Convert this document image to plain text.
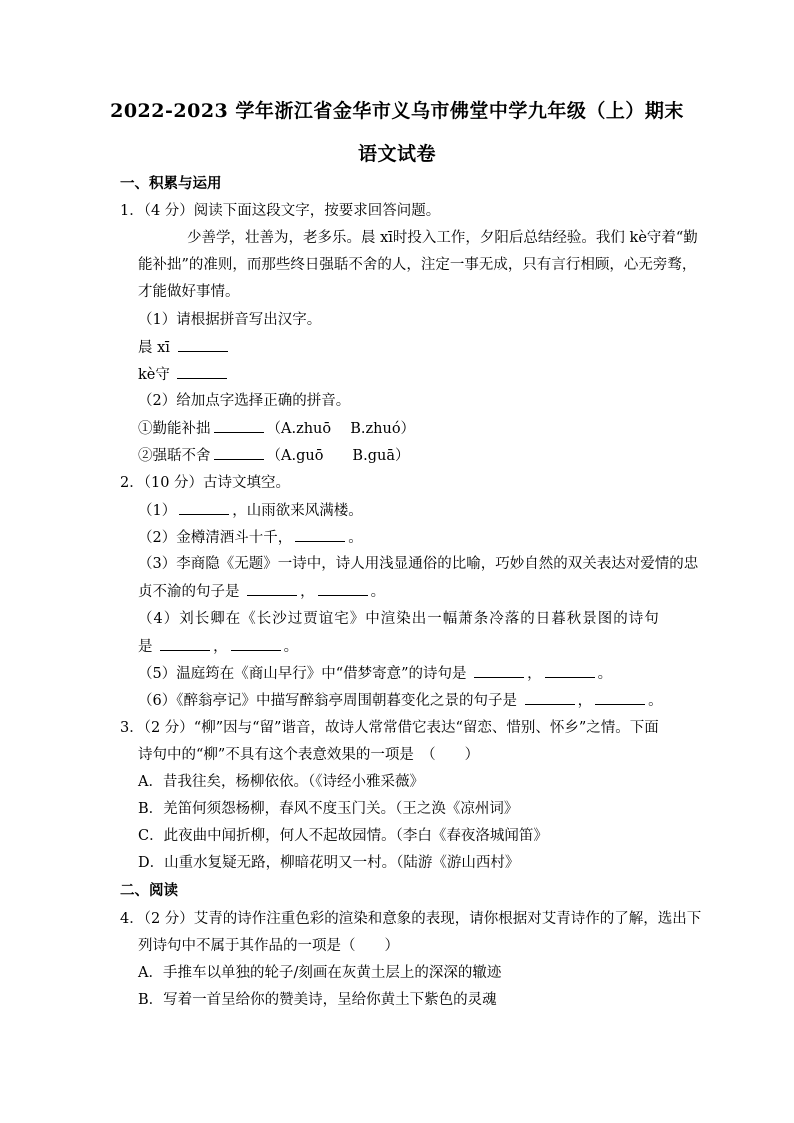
2022-2023 学年浙江省金华市义乌市佛堂中学九年级（上）期末
语文试卷
一、积累与运用
1．（4 分）阅读下面这段文字，按要求回答问题。
少善学，壮善为，老多乐。晨 xī时投入工作，夕阳后总结经验。我们 kè守着“勤
能补拙”的准则，而那些终日强聒不舍的人，注定一事无成，只有言行相顾，心无旁骛，
才能做好事情。
（1）请根据拼音写出汉字。
晨 xī
kè守
（2）给加点字选择正确的拼音。
①勤能补拙	（A.zhuō　 B.zhuó）
②强聒不舍	（A.guō　　B.guā）
2．（10 分）古诗文填空。
（1）	，山雨欲来风满楼。
（2）金樽清酒斗十千，	。
（3）李商隐《无题》一诗中，诗人用浅显通俗的比喻，巧妙自然的双关表达对爱情的忠
贞不渝的句子是	，	。
（4）刘长卿在《长沙过贾谊宅》中渲染出一幅萧条冷落的日暮秋景图的诗句
是	，	。
（5）温庭筠在《商山早行》中“借梦寄意”的诗句是	，	。
（6）《醉翁亭记》中描写醉翁亭周围朝暮变化之景的句子是	，	。
3．（2 分）“柳”因与“留”谐音，故诗人常常借它表达“留恋、惜别、怀乡”之情。下面
诗句中的“柳”不具有这个表意效果的一项是　（　　）
A．昔我往矣，杨柳依依。（《诗经小雅采薇》
B．羌笛何须怨杨柳，春风不度玉门关。（王之涣《凉州词》
C．此夜曲中闻折柳，何人不起故园情。（李白《春夜洛城闻笛》
D．山重水复疑无路，柳暗花明又一村。（陆游《游山西村》
二、阅读
4．（2 分）艾青的诗作注重色彩的渲染和意象的表现，请你根据对艾青诗作的了解，选出下
列诗句中不属于其作品的一项是（　　）
A．手推车以单独的轮子/刻画在灰黄土层上的深深的辙迹
B．写着一首呈给你的赞美诗，呈给你黄土下紫色的灵魂
